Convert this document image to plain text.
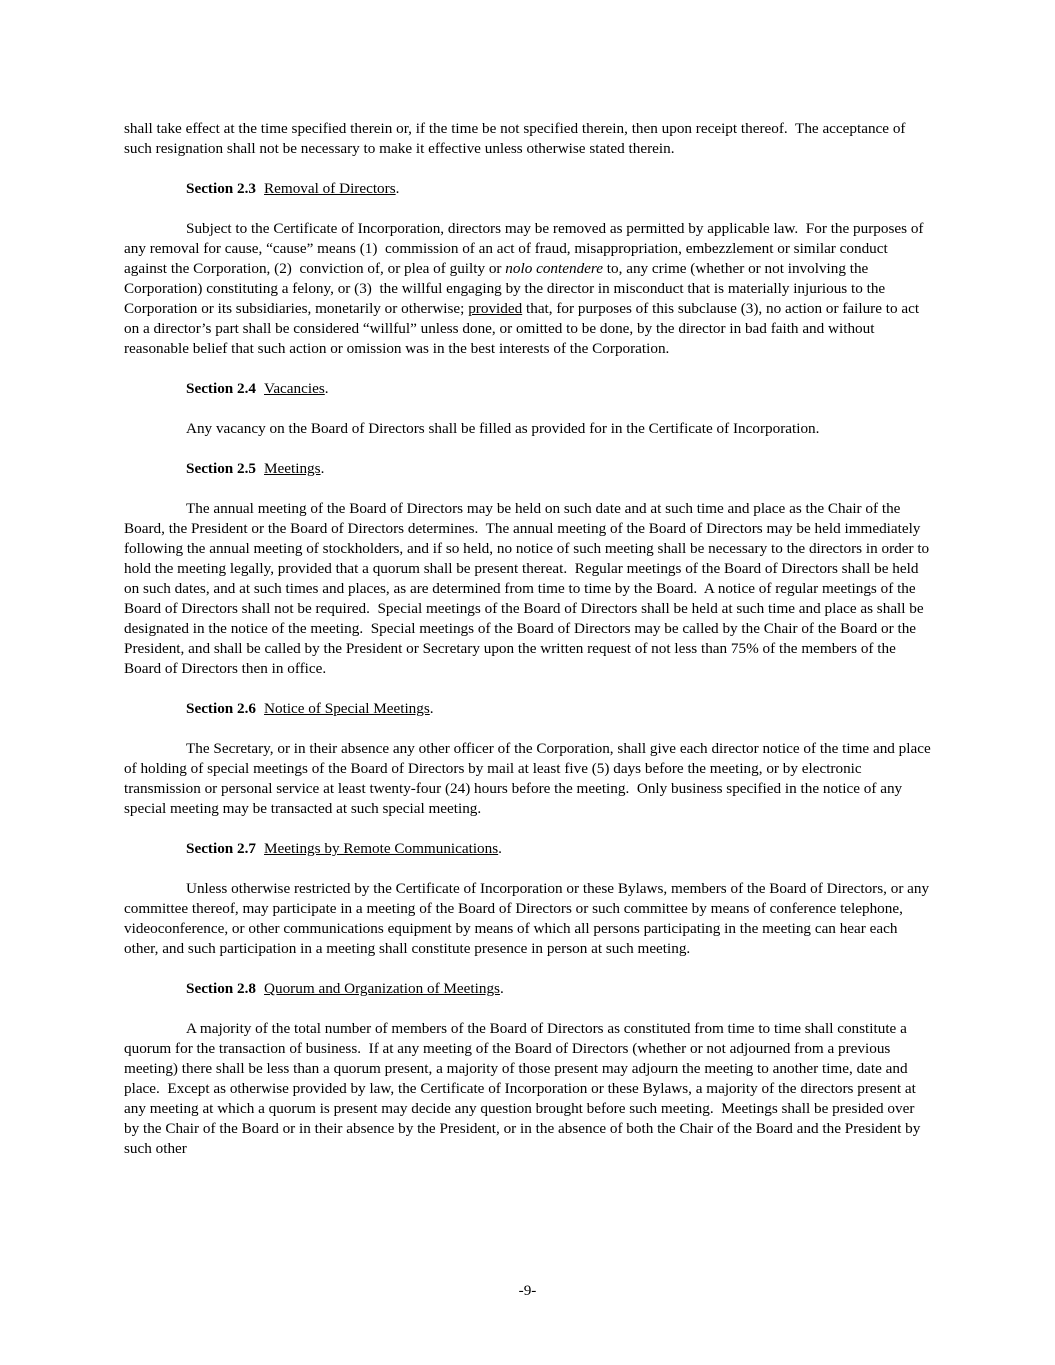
shall take effect at the time specified therein or, if the time be not specified therein, then upon receipt thereof.  The acceptance of such resignation shall not be necessary to make it effective unless otherwise stated therein.

Section 2.3 Removal of Directors.

Subject to the Certificate of Incorporation, directors may be removed as permitted by applicable law.  For the purposes of any removal for cause, “cause” means (1)  commission of an act of fraud, misappropriation, embezzlement or similar conduct against the Corporation, (2)  conviction of, or plea of guilty or nolo contendere to, any crime (whether or not involving the Corporation) constituting a felony, or (3)  the willful engaging by the director in misconduct that is materially injurious to the Corporation or its subsidiaries, monetarily or otherwise; provided that, for purposes of this subclause (3), no action or failure to act on a director’s part shall be considered “willful” unless done, or omitted to be done, by the director in bad faith and without reasonable belief that such action or omission was in the best interests of the Corporation.

Section 2.4 Vacancies.

Any vacancy on the Board of Directors shall be filled as provided for in the Certificate of Incorporation.

Section 2.5 Meetings.

The annual meeting of the Board of Directors may be held on such date and at such time and place as the Chair of the Board, the President or the Board of Directors determines.  The annual meeting of the Board of Directors may be held immediately following the annual meeting of stockholders, and if so held, no notice of such meeting shall be necessary to the directors in order to hold the meeting legally, provided that a quorum shall be present thereat.  Regular meetings of the Board of Directors shall be held on such dates, and at such times and places, as are determined from time to time by the Board.  A notice of regular meetings of the Board of Directors shall not be required.  Special meetings of the Board of Directors shall be held at such time and place as shall be designated in the notice of the meeting.  Special meetings of the Board of Directors may be called by the Chair of the Board or the President, and shall be called by the President or Secretary upon the written request of not less than 75% of the members of the Board of Directors then in office.

Section 2.6 Notice of Special Meetings.

The Secretary, or in their absence any other officer of the Corporation, shall give each director notice of the time and place of holding of special meetings of the Board of Directors by mail at least five (5) days before the meeting, or by electronic transmission or personal service at least twenty-four (24) hours before the meeting.  Only business specified in the notice of any special meeting may be transacted at such special meeting.

Section 2.7 Meetings by Remote Communications.

Unless otherwise restricted by the Certificate of Incorporation or these Bylaws, members of the Board of Directors, or any committee thereof, may participate in a meeting of the Board of Directors or such committee by means of conference telephone, videoconference, or other communications equipment by means of which all persons participating in the meeting can hear each other, and such participation in a meeting shall constitute presence in person at such meeting.

Section 2.8 Quorum and Organization of Meetings.

A majority of the total number of members of the Board of Directors as constituted from time to time shall constitute a quorum for the transaction of business.  If at any meeting of the Board of Directors (whether or not adjourned from a previous meeting) there shall be less than a quorum present, a majority of those present may adjourn the meeting to another time, date and place.  Except as otherwise provided by law, the Certificate of Incorporation or these Bylaws, a majority of the directors present at any meeting at which a quorum is present may decide any question brought before such meeting.  Meetings shall be presided over by the Chair of the Board or in their absence by the President, or in the absence of both the Chair of the Board and the President by such other

-9-
